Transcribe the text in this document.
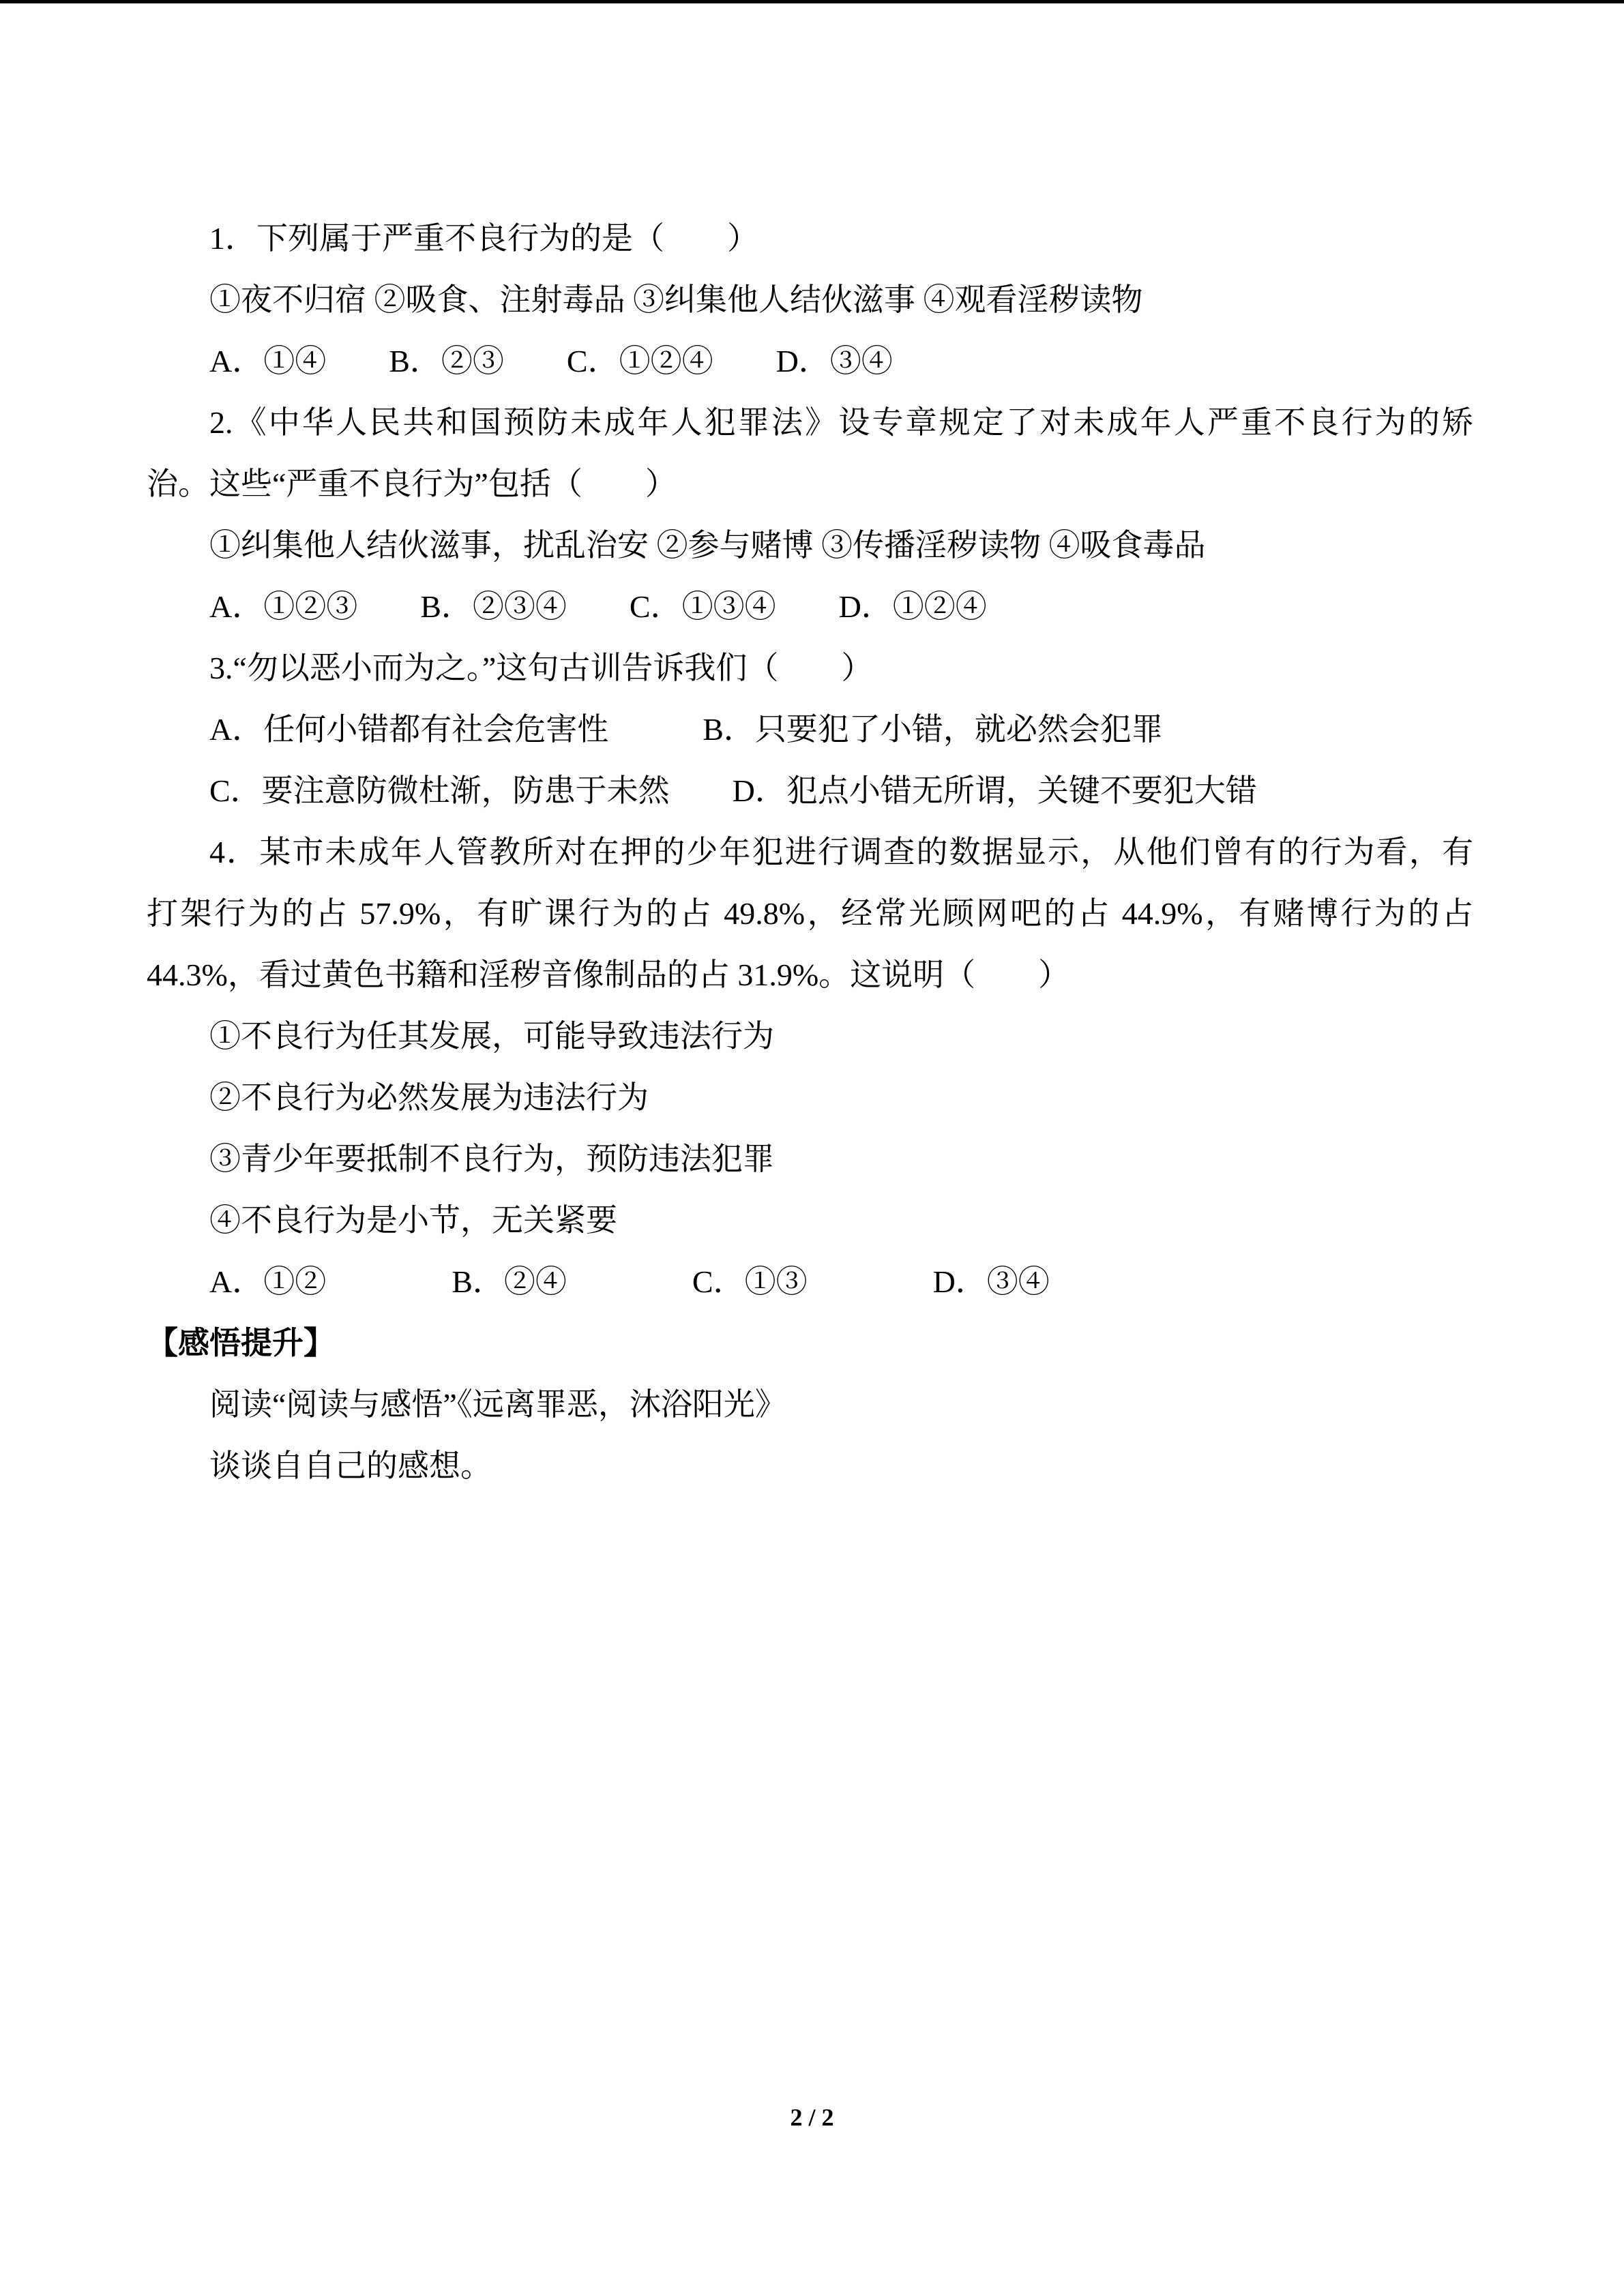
1．下列属于严重不良行为的是（　　）

①夜不归宿 ②吸食、注射毒品 ③纠集他人结伙滋事 ④观看淫秽读物

A．①④　　B．②③　　C．①②④　　D．③④

2.《中华人民共和国预防未成年人犯罪法》设专章规定了对未成年人严重不良行为的矫

治。这些“严重不良行为”包括（　　）

①纠集他人结伙滋事，扰乱治安 ②参与赌博 ③传播淫秽读物 ④吸食毒品

A．①②③　　B．②③④　　C．①③④　　D．①②④

3.“勿以恶小而为之。”这句古训告诉我们（　　）

A．任何小错都有社会危害性　　　B．只要犯了小错，就必然会犯罪

C．要注意防微杜渐，防患于未然　　D．犯点小错无所谓，关键不要犯大错

4．某市未成年人管教所对在押的少年犯进行调查的数据显示，从他们曾有的行为看，有

打架行为的占 57.9%，有旷课行为的占 49.8%，经常光顾网吧的占 44.9%，有赌博行为的占

44.3%，看过黄色书籍和淫秽音像制品的占 31.9%。这说明（　　）

①不良行为任其发展，可能导致违法行为

②不良行为必然发展为违法行为

③青少年要抵制不良行为，预防违法犯罪

④不良行为是小节，无关紧要

A．①②　　　　B．②④　　　　C．①③　　　　D．③④

【感悟提升】

阅读“阅读与感悟”《远离罪恶，沐浴阳光》

谈谈自自己的感想。

2 / 2
